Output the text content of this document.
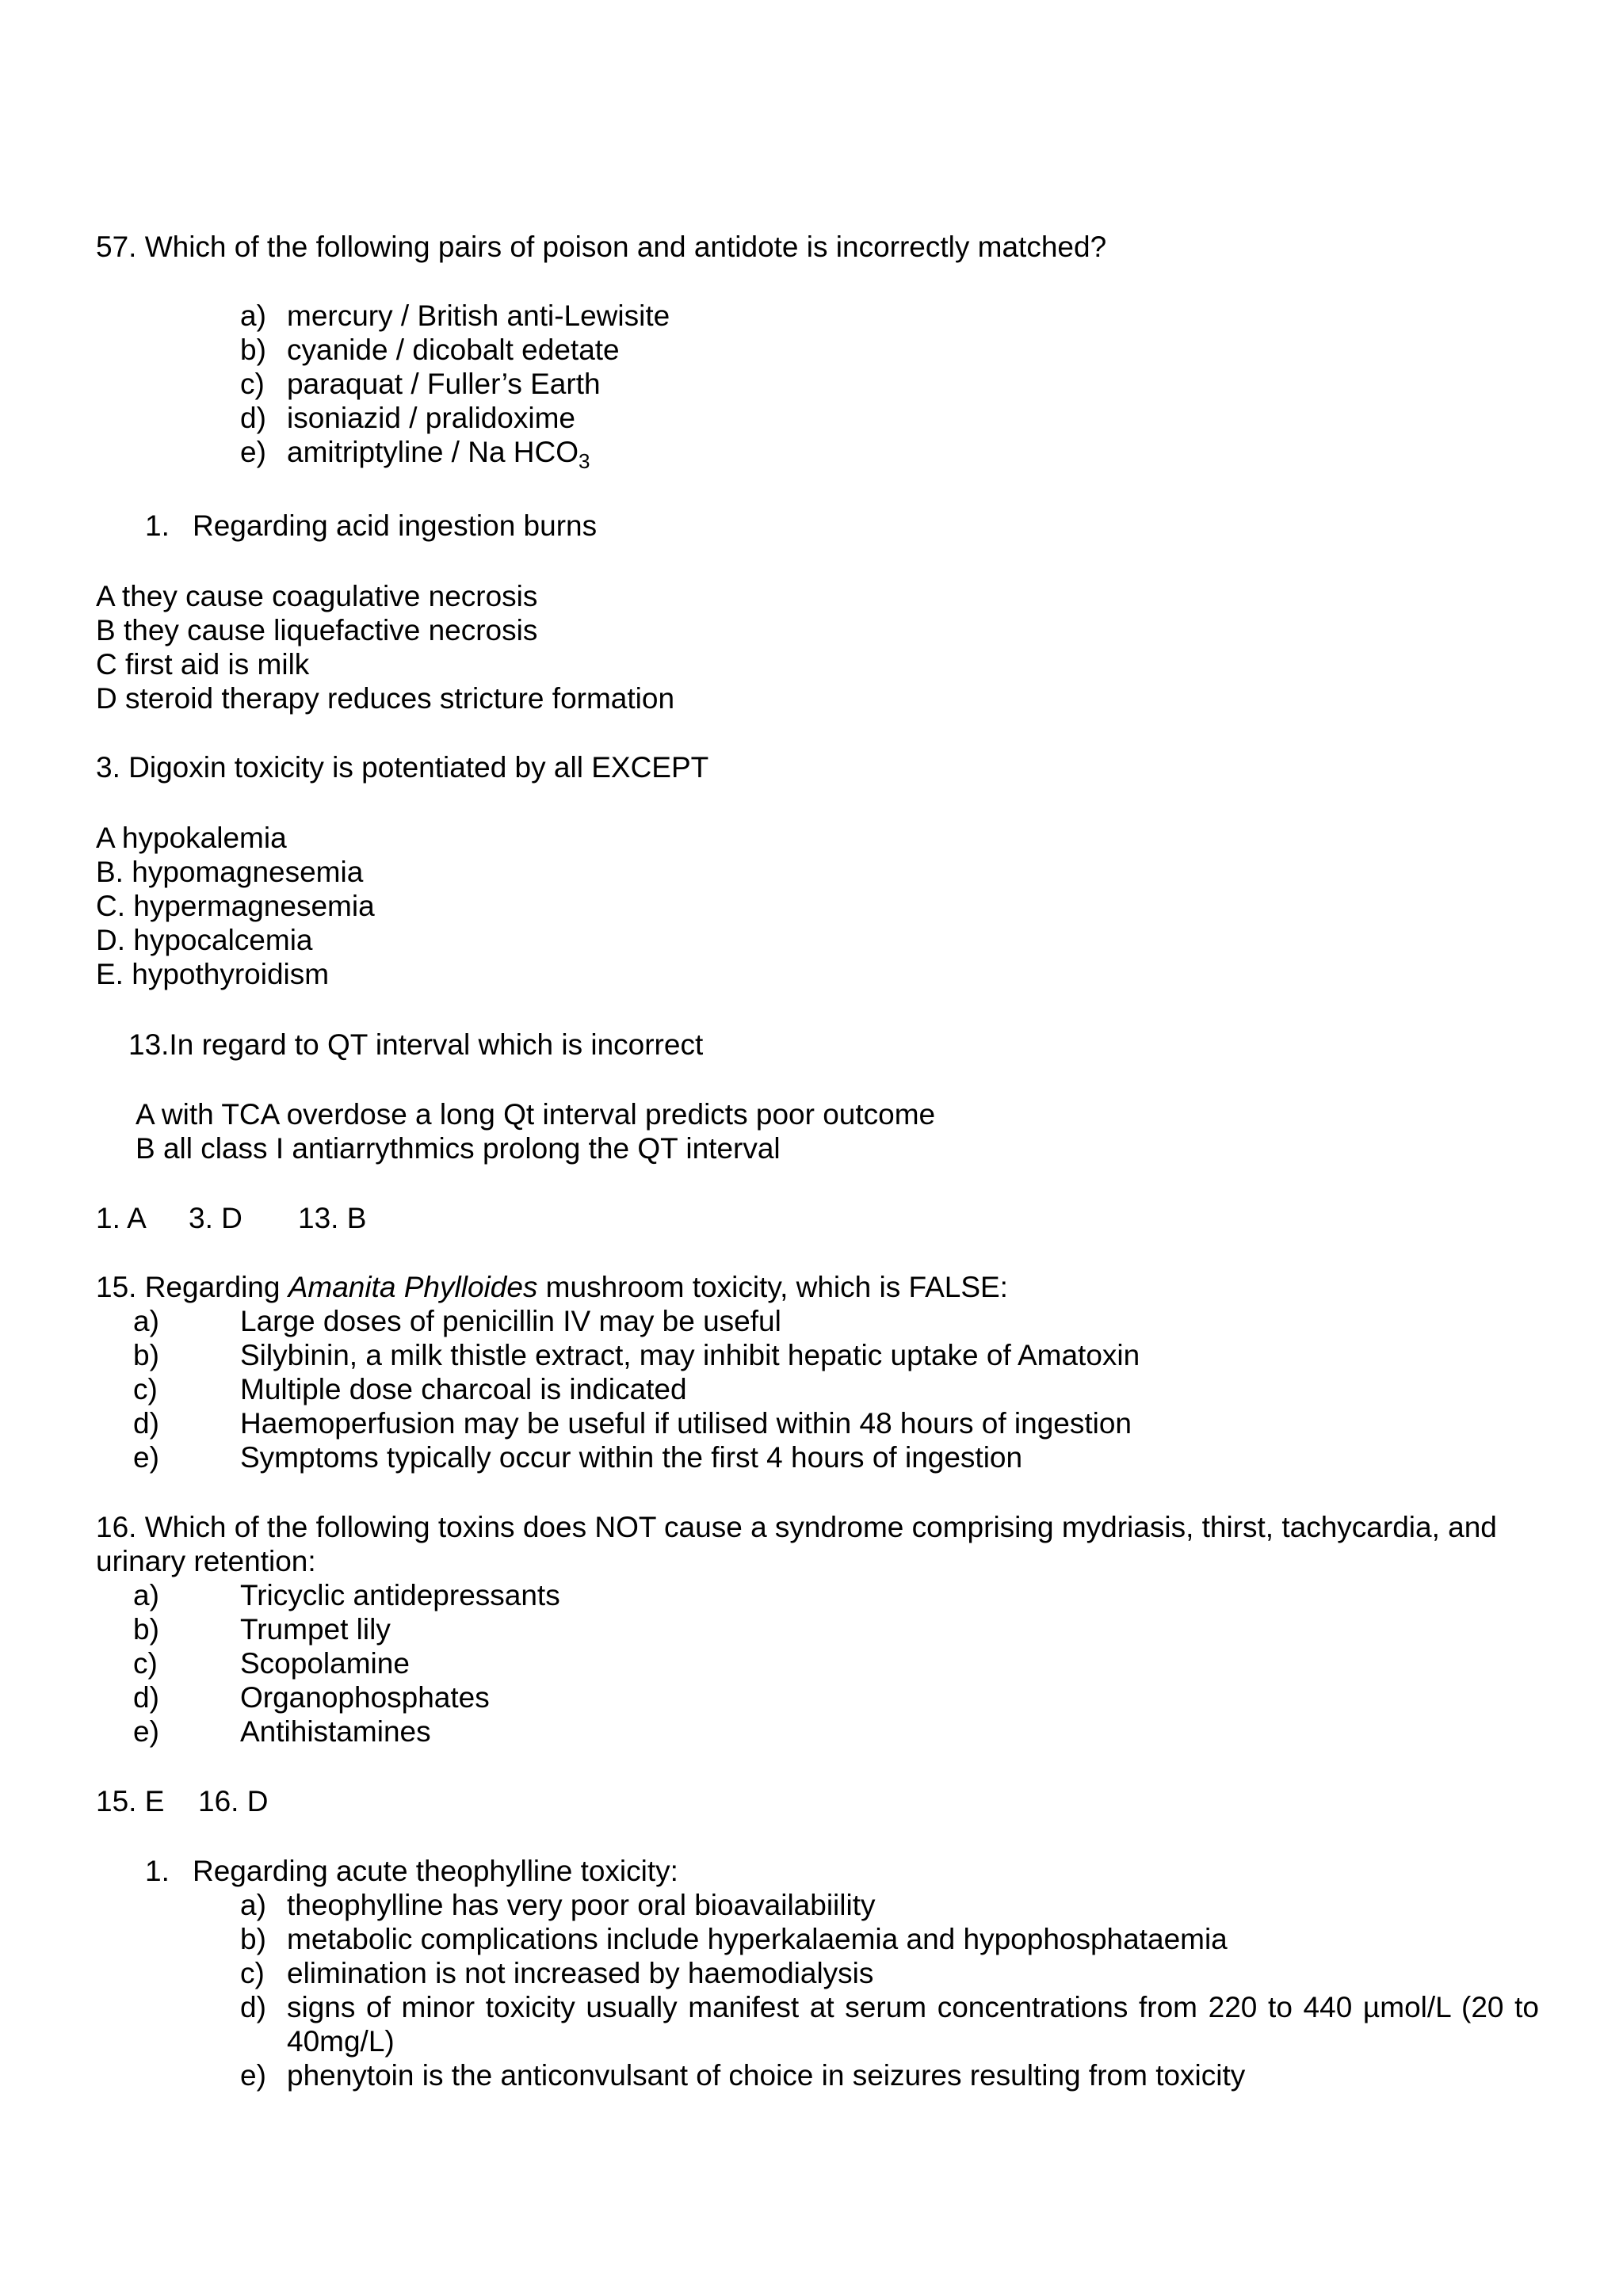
57. Which of the following pairs of poison and antidote is incorrectly matched?
a) mercury / British anti-Lewisite
b) cyanide / dicobalt edetate
c) paraquat / Fuller’s Earth
d) isoniazid / pralidoxime
e) amitriptyline / Na $HCO_3$
1. Regarding acid ingestion burns
A they cause coagulative necrosis
B they cause liquefactive necrosis
C first aid is milk
D steroid therapy reduces stricture formation
3. Digoxin toxicity is potentiated by all EXCEPT
A hypokalemia
B. hypomagnesemia
C. hypermagnesemia
D. hypocalcemia
E. hypothyroidism
13.In regard to QT interval which is incorrect
A with TCA overdose a long Qt interval predicts poor outcome
B all class I antiarrythmics prolong the QT interval
1. A 3. D 13. B
15. Regarding Amanita Phylloides mushroom toxicity, which is FALSE:
a)	Large doses of penicillin IV may be useful
b)	Silybinin, a milk thistle extract, may inhibit hepatic uptake of Amatoxin
c)	Multiple dose charcoal is indicated
d)	Haemoperfusion may be useful if utilised within 48 hours of ingestion
e)	Symptoms typically occur within the first 4 hours of ingestion
16. Which of the following toxins does NOT cause a syndrome comprising mydriasis, thirst, tachycardia, and urinary retention:
a)	Tricyclic antidepressants
b)	Trumpet lily
c)	Scopolamine
d)	Organophosphates
e)	Antihistamines
15. E 16. D
1. Regarding acute theophylline toxicity:
a) theophylline has very poor oral bioavailabiility
b) metabolic complications include hyperkalaemia and hypophosphataemia
c) elimination is not increased by haemodialysis
d) signs of minor toxicity usually manifest at serum concentrations from 220 to 440 µmol/L (20 to 40mg/L)
e) phenytoin is the anticonvulsant of choice in seizures resulting from toxicity
